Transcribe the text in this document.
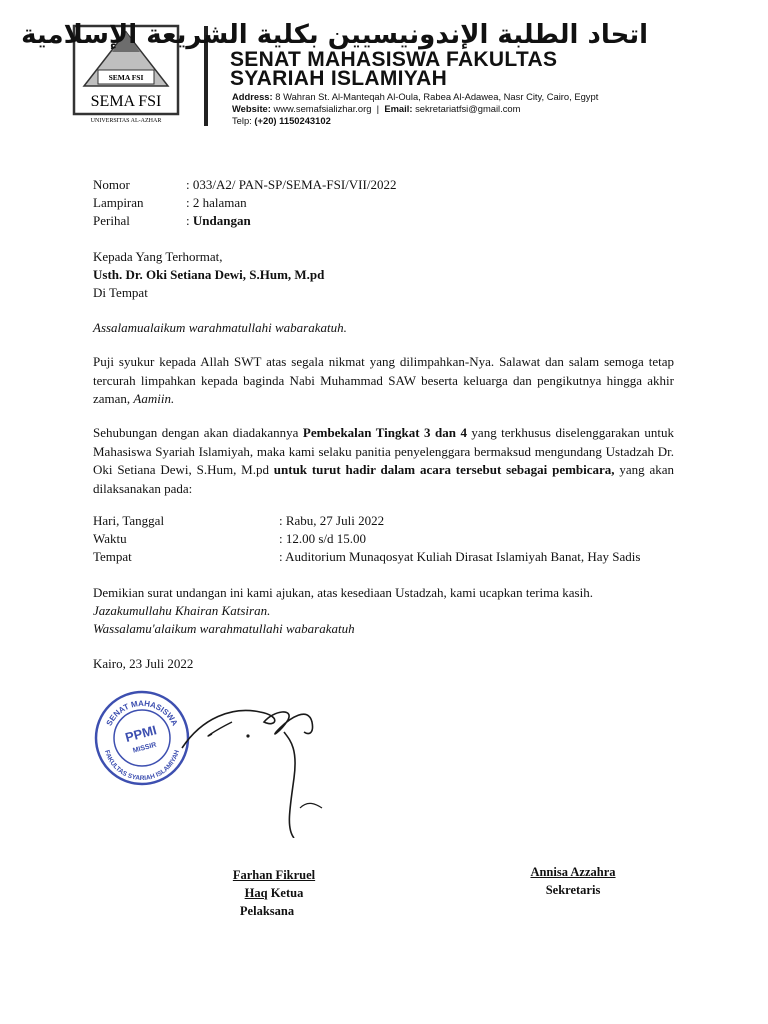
SEMA FSI
SEMA FSI
UNIVERSITAS AL-AZHAR
اتحاد الطلبة الإندونيسيين بكلية الشريعة الإسلامية
SENAT MAHASISWA FAKULTAS
SYARIAH ISLAMIYAH
Address: 8 Wahran St. Al-Manteqah Al-Oula, Rabea Al-Adawea, Nasr City, Cairo, Egypt
Website: www.semafsializhar.org  |  Email: sekretariatfsi@gmail.com
Telp: (+20) 1150243102
Nomor	: 033/A2/ PAN-SP/SEMA-FSI/VII/2022
Lampiran	: 2 halaman
Perihal	: Undangan
Kepada Yang Terhormat,
Usth. Dr. Oki Setiana Dewi, S.Hum, M.pd
Di Tempat
Assalamualaikum warahmatullahi wabarakatuh.
Puji syukur kepada Allah SWT atas segala nikmat yang dilimpahkan-Nya. Salawat dan salam semoga tetap tercurah limpahkan kepada baginda Nabi Muhammad SAW beserta keluarga dan pengikutnya hingga akhir zaman, Aamiin.
Sehubungan dengan akan diadakannya Pembekalan Tingkat 3 dan 4 yang terkhusus diselenggarakan untuk Mahasiswa Syariah Islamiyah, maka kami selaku panitia penyelenggara bermaksud mengundang Ustadzah Dr. Oki Setiana Dewi, S.Hum, M.pd untuk turut hadir dalam acara tersebut sebagai pembicara, yang akan dilaksanakan pada:
Hari, Tanggal	: Rabu, 27 Juli 2022
Waktu	: 12.00 s/d 15.00
Tempat	: Auditorium Munaqosyat Kuliah Dirasat Islamiyah Banat, Hay Sadis
Demikian surat undangan ini kami ajukan, atas kesediaan Ustadzah, kami ucapkan terima kasih.
Jazakumullahu Khairan Katsiran.
Wassalamu'alaikum warahmatullahi wabarakatuh
Kairo, 23 Juli 2022
SENAT MAHASISWA
FAKULTAS SYARIAH ISLAMIYAH
PPMI
MISSIR
Farhan Fikruel
Haq Ketua
Pelaksana
Annisa Azzahra
Sekretaris
